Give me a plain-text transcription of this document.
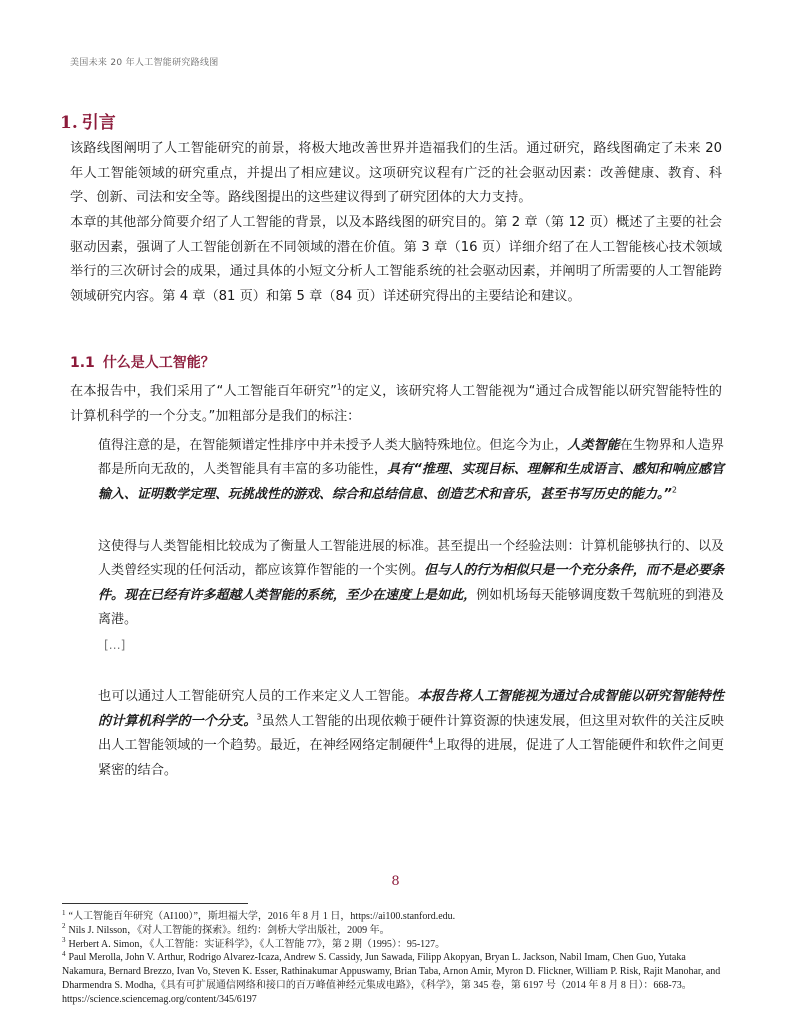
美国未来 20 年人工智能研究路线图
1. 引言

该路线图阐明了人工智能研究的前景，将极大地改善世界并造福我们的生活。通过研究，路线图确定了未来 20 年人工智能领域的研究重点，并提出了相应建议。这项研究议程有广泛的社会驱动因素：改善健康、教育、科学、创新、司法和安全等。路线图提出的这些建议得到了研究团体的大力支持。

本章的其他部分简要介绍了人工智能的背景，以及本路线图的研究目的。第 2 章（第 12 页）概述了主要的社会驱动因素，强调了人工智能创新在不同领域的潜在价值。第 3 章（16 页）详细介绍了在人工智能核心技术领域举行的三次研讨会的成果，通过具体的小短文分析人工智能系统的社会驱动因素，并阐明了所需要的人工智能跨领域研究内容。第 4 章（81 页）和第 5 章（84 页）详述研究得出的主要结论和建议。

1.1 什么是人工智能？

在本报告中，我们采用了“人工智能百年研究”$^1$的定义，该研究将人工智能视为“通过合成智能以研究智能特性的计算机科学的一个分支。”加粗部分是我们的标注：

值得注意的是，在智能频谱定性排序中并未授予人类大脑特殊地位。但迄今为止，人类智能在生物界和人造界都是所向无敌的，人类智能具有丰富的多功能性，具有“推理、实现目标、理解和生成语言、感知和响应感官输入、证明数学定理、玩挑战性的游戏、综合和总结信息、创造艺术和音乐，甚至书写历史的能力。”$^2$

这使得与人类智能相比较成为了衡量人工智能进展的标准。甚至提出一个经验法则：计算机能够执行的、以及人类曾经实现的任何活动，都应该算作智能的一个实例。但与人的行为相似只是一个充分条件，而不是必要条件。现在已经有许多超越人类智能的系统，至少在速度上是如此，例如机场每天能够调度数千驾航班的到港及离港。

[…]

也可以通过人工智能研究人员的工作来定义人工智能。本报告将人工智能视为通过合成智能以研究智能特性的计算机科学的一个分支。$^3$虽然人工智能的出现依赖于硬件计算资源的快速发展，但这里对软件的关注反映出人工智能领域的一个趋势。最近，在神经网络定制硬件$^4$上取得的进展，促进了人工智能硬件和软件之间更紧密的结合。

8

$^1$ “人工智能百年研究（AI100）”，斯坦福大学，2016 年 8 月 1 日，https://ai100.stanford.edu.

$^2$ Nils J. Nilsson，《对人工智能的探索》。纽约：剑桥大学出版社，2009 年。

$^3$ Herbert A. Simon，《人工智能：实证科学》，《人工智能 77》，第 2 期（1995）：95-127。

$^4$ Paul Merolla, John V. Arthur, Rodrigo Alvarez-Icaza, Andrew S. Cassidy, Jun Sawada, Filipp Akopyan, Bryan L. Jackson, Nabil Imam, Chen Guo, Yutaka Nakamura, Bernard Brezzo, Ivan Vo, Steven K. Esser, Rathinakumar Appuswamy, Brian Taba, Arnon Amir, Myron D. Flickner, William P. Risk, Rajit Manohar, and Dharmendra S. Modha,《具有可扩展通信网络和接口的百万峰值神经元集成电路》，《科学》，第 345 卷，第 6197 号（2014 年 8 月 8 日）：668-73。https://science.sciencemag.org/content/345/6197
